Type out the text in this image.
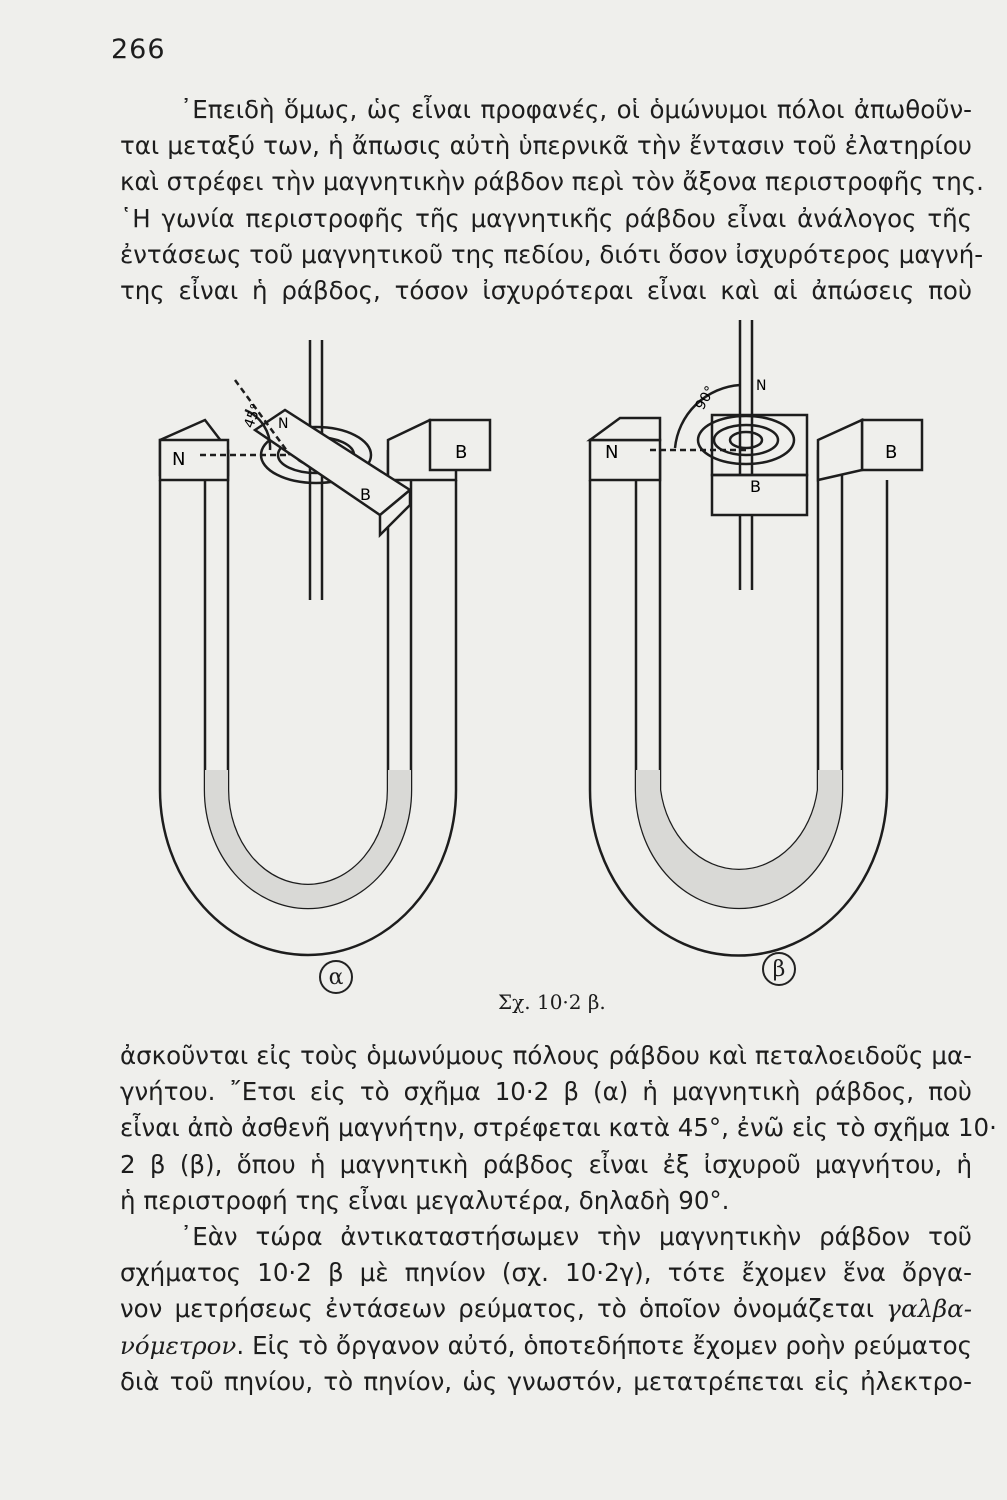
266
᾿Επειδὴ ὅμως, ὡς εἶναι προφανές, οἱ ὁμώνυμοι πόλοι ἀπωθοῦν-
ται μεταξύ των, ἡ ἄπωσις αὐτὴ ὑπερνικᾶ τὴν ἔντασιν τοῦ ἐλατηρίου
καὶ στρέφει τὴν μαγνητικὴν ράβδον περὶ τὸν ἄξονα περιστροφῆς της.
῾Η γωνία περιστροφῆς τῆς μαγνητικῆς ράβδου εἶναι ἀνάλογος τῆς
ἐντάσεως τοῦ μαγνητικοῦ της πεδίου, διότι ὅσον ἰσχυρότερος μαγνή-
της εἶναι ἡ ράβδος, τόσον ἰσχυρότεραι εἶναι καὶ αἱ ἀπώσεις ποὺ
N	B
B
N
45°
N	B
B
N
90°
α	β
Σχ. 10·2 β.
ἀσκοῦνται εἰς τοὺς ὁμωνύμους πόλους ράβδου καὶ πεταλοειδοῦς μα-
γνήτου. ῎Ετσι εἰς τὸ σχῆμα 10·2 β (α) ἡ μαγνητικὴ ράβδος, ποὺ
εἶναι ἀπὸ ἀσθενῆ μαγνήτην, στρέφεται κατὰ 45°, ἐνῶ εἰς τὸ σχῆμα 10·
2 β (β), ὅπου ἡ μαγνητικὴ ράβδος εἶναι ἐξ ἰσχυροῦ μαγνήτου, ἡ
ἡ περιστροφή της εἶναι μεγαλυτέρα, δηλαδὴ 90°.
᾿Εὰν τώρα ἀντικαταστήσωμεν τὴν μαγνητικὴν ράβδον τοῦ
σχήματος 10·2 β μὲ πηνίον (σχ. 10·2γ), τότε ἔχομεν ἕνα ὄργα-
νον μετρήσεως ἐντάσεων ρεύματος, τὸ ὁποῖον ὀνομάζεται γαλβα-
νόμετρον. Εἰς τὸ ὄργανον αὐτό, ὁποτεδήποτε ἔχομεν ροὴν ρεύματος
διὰ τοῦ πηνίου, τὸ πηνίον, ὡς γνωστόν, μετατρέπεται εἰς ἠλεκτρο-
